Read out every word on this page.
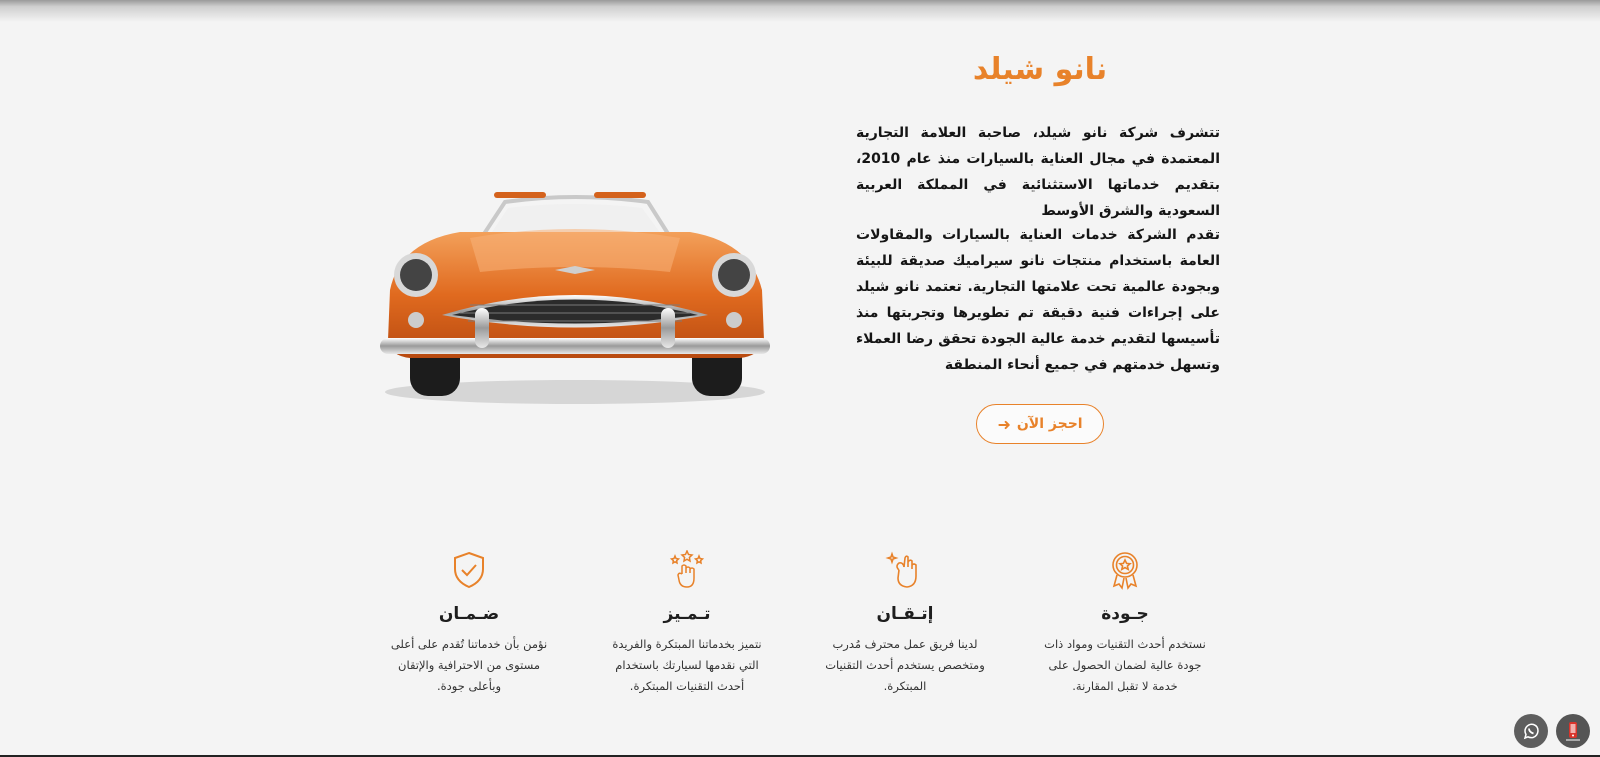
نانو شيلد
تتشرف شركة نانو شيلد، صاحبة العلامة التجارية المعتمدة في مجال العناية بالسيارات منذ عام 2010، بتقديم خدماتها الاستثنائية في المملكة العربية السعودية والشرق الأوسط
تقدم الشركة خدمات العناية بالسيارات والمقاولات العامة باستخدام منتجات نانو سيراميك صديقة للبيئة وبجودة عالمية تحت علامتها التجارية. تعتمد نانو شيلد على إجراءات فنية دقيقة تم تطويرها وتجربتها منذ تأسيسها لتقديم خدمة عالية الجودة تحقق رضا العملاء وتسهل خدمتهم في جميع أنحاء المنطقة
احجز الآن
➜
جـودة
نستخدم أحدث التقنيات ومواد ذات جودة عالية لضمان الحصول على خدمة لا تقبل المقارنة.
إتـقـان
لدينا فريق عمل محترف مُدرب ومتخصص يستخدم أحدث التقنيات المبتكرة.
تـمـيز
نتميز بخدماتنا المبتكرة والفريدة التي نقدمها لسيارتك باستخدام أحدث التقنيات المبتكرة.
ضـمـان
نؤمن بأن خدماتنا تُقدم على أعلى مستوى من الاحترافية والإتقان وبأعلى جودة.
